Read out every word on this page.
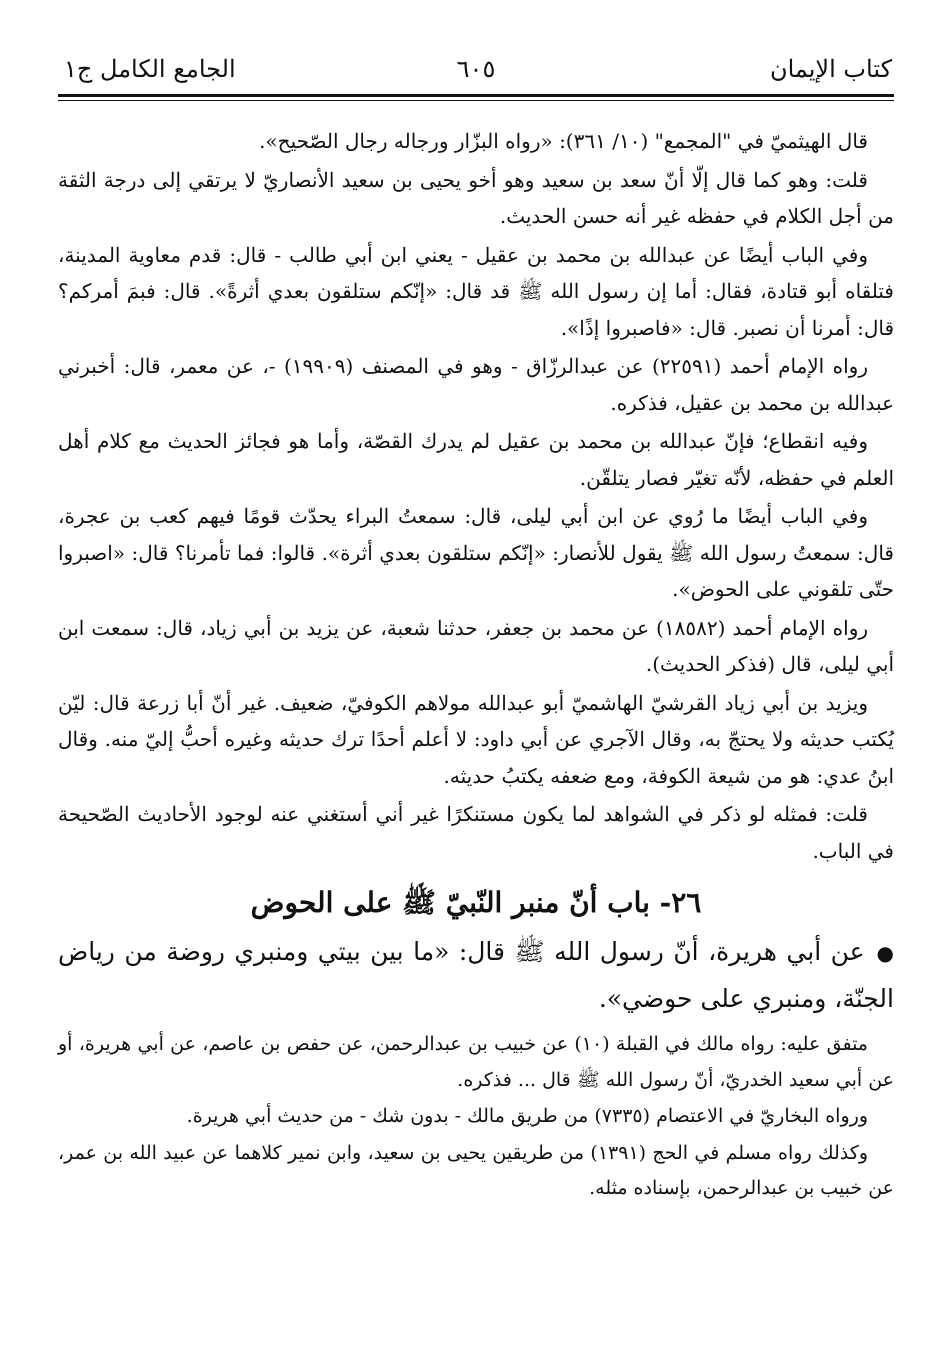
كتاب الإيمان
٦٠٥
الجامع الكامل ج١

قال الهيثميّ في "المجمع" (١٠/ ٣٦١): «رواه البزّار ورجاله رجال الصّحيح».

قلت: وهو كما قال إلّا أنّ سعد بن سعيد وهو أخو يحيى بن سعيد الأنصاريّ لا يرتقي إلى درجة الثقة من أجل الكلام في حفظه غير أنه حسن الحديث.

وفي الباب أيضًا عن عبدالله بن محمد بن عقيل - يعني ابن أبي طالب - قال: قدم معاوية المدينة، فتلقاه أبو قتادة، فقال: أما إن رسول الله ﷺ قد قال: «إنّكم ستلقون بعدي أثرةً». قال: فبمَ أمركم؟ قال: أمرنا أن نصبر. قال: «فاصبروا إذًا».

رواه الإمام أحمد (٢٢٥٩١) عن عبدالرزّاق - وهو في المصنف (١٩٩٠٩) -، عن معمر، قال: أخبرني عبدالله بن محمد بن عقيل، فذكره.

وفيه انقطاع؛ فإنّ عبدالله بن محمد بن عقيل لم يدرك القصّة، وأما هو فجائز الحديث مع كلام أهل العلم في حفظه، لأنّه تغيّر فصار يتلقّن.

وفي الباب أيضًا ما رُوي عن ابن أبي ليلى، قال: سمعتُ البراء يحدّث قومًا فيهم كعب بن عجرة، قال: سمعتُ رسول الله ﷺ يقول للأنصار: «إنّكم ستلقون بعدي أثرة». قالوا: فما تأمرنا؟ قال: «اصبروا حتّى تلقوني على الحوض».

رواه الإمام أحمد (١٨٥٨٢) عن محمد بن جعفر، حدثنا شعبة، عن يزيد بن أبي زياد، قال: سمعت ابن أبي ليلى، قال (فذكر الحديث).

ويزيد بن أبي زياد القرشيّ الهاشميّ أبو عبدالله مولاهم الكوفيّ، ضعيف. غير أنّ أبا زرعة قال: ليّن يُكتب حديثه ولا يحتجّ به، وقال الآجري عن أبي داود: لا أعلم أحدًا ترك حديثه وغيره أحبُّ إليّ منه. وقال ابنُ عدي: هو من شيعة الكوفة، ومع ضعفه يكتبُ حديثه.

قلت: فمثله لو ذكر في الشواهد لما يكون مستنكرًا غير أني أستغني عنه لوجود الأحاديث الصّحيحة في الباب.

٢٦- باب أنّ منبر النّبيّ ﷺ على الحوض
●عن أبي هريرة، أنّ رسول الله ﷺ قال: «ما بين بيتي ومنبري روضة من رياض الجنّة، ومنبري على حوضي».

متفق عليه: رواه مالك في القبلة (١٠) عن خبيب بن عبدالرحمن، عن حفص بن عاصم، عن أبي هريرة، أو عن أبي سعيد الخدريّ، أنّ رسول الله ﷺ قال ... فذكره.

ورواه البخاريّ في الاعتصام (٧٣٣٥) من طريق مالك - بدون شك - من حديث أبي هريرة.

وكذلك رواه مسلم في الحج (١٣٩١) من طريقين يحيى بن سعيد، وابن نمير كلاهما عن عبيد الله بن عمر، عن خبيب بن عبدالرحمن، بإسناده مثله.
